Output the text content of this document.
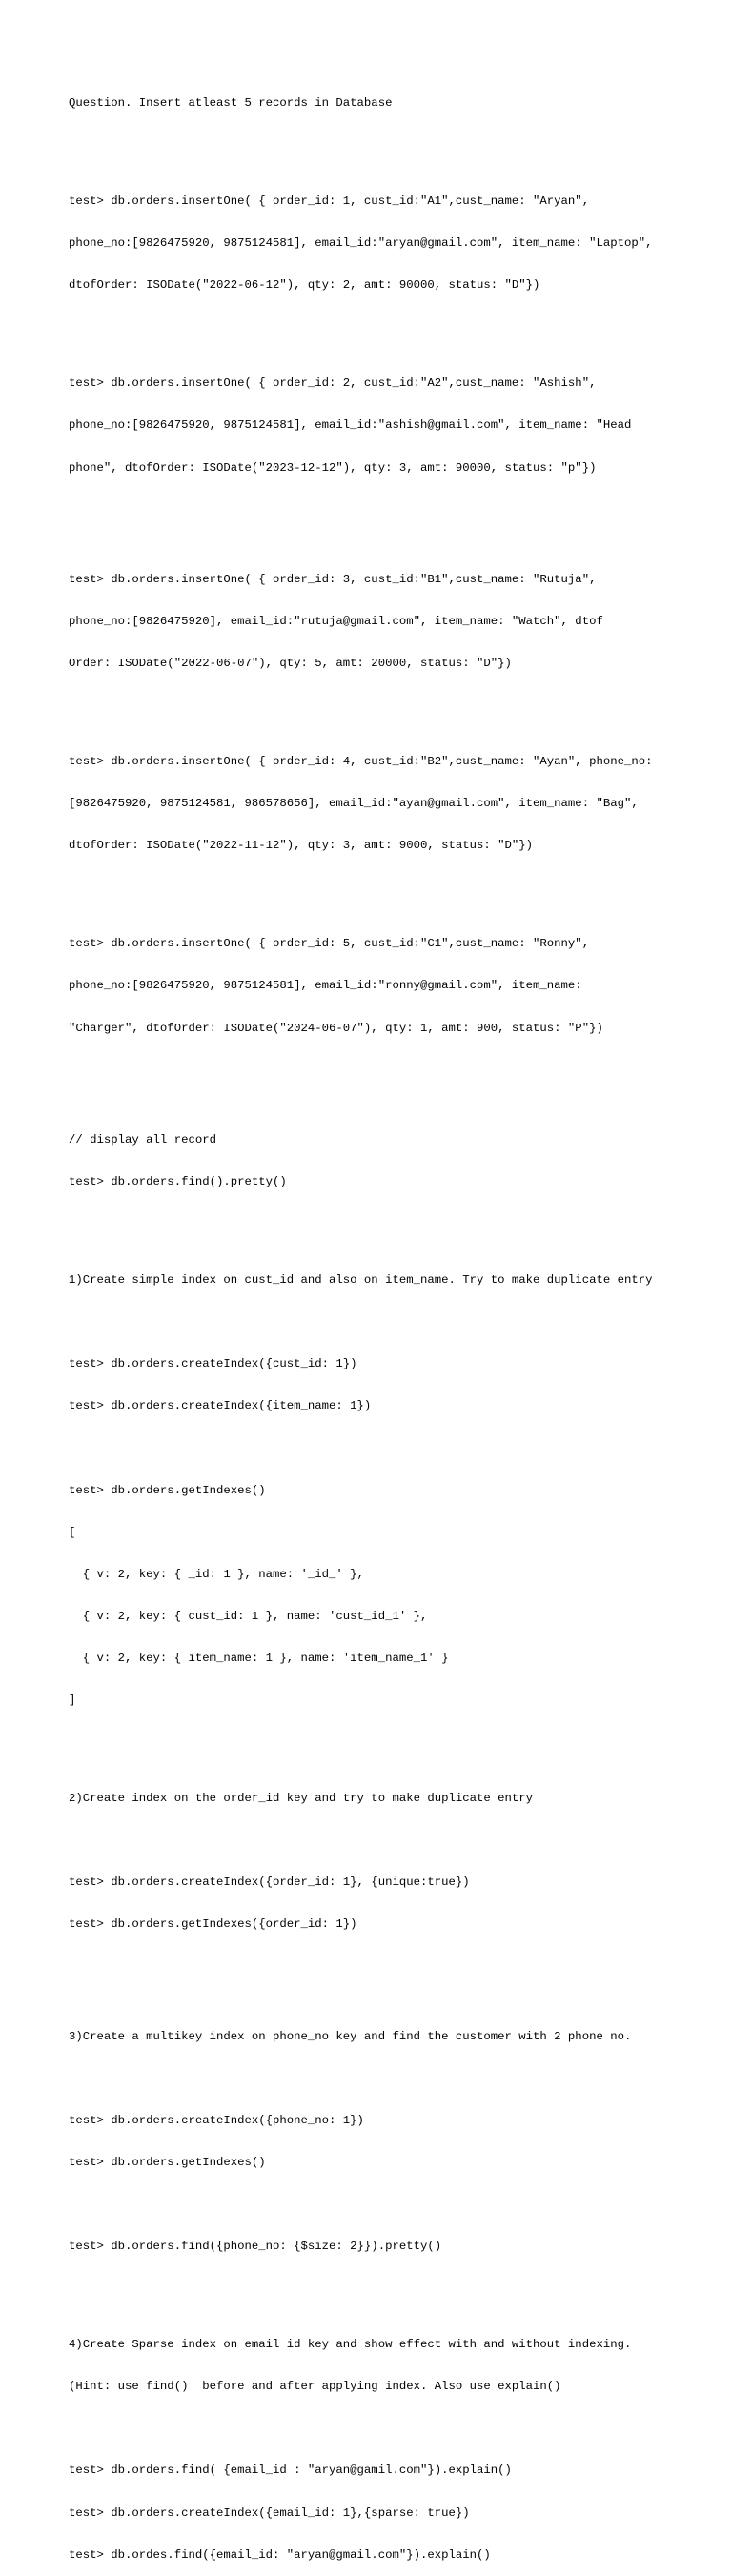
Question. Insert atleast 5 records in Database

test> db.orders.insertOne( { order_id: 1, cust_id:"A1",cust_name: "Aryan",

phone_no:[9826475920, 9875124581], email_id:"aryan@gmail.com", item_name: "Laptop",

dtofOrder: ISODate("2022-06-12"), qty: 2, amt: 90000, status: "D"})

test> db.orders.insertOne( { order_id: 2, cust_id:"A2",cust_name: "Ashish",

phone_no:[9826475920, 9875124581], email_id:"ashish@gmail.com", item_name: "Head

phone", dtofOrder: ISODate("2023-12-12"), qty: 3, amt: 90000, status: "p"})

test> db.orders.insertOne( { order_id: 3, cust_id:"B1",cust_name: "Rutuja",

phone_no:[9826475920], email_id:"rutuja@gmail.com", item_name: "Watch", dtof

Order: ISODate("2022-06-07"), qty: 5, amt: 20000, status: "D"})

test> db.orders.insertOne( { order_id: 4, cust_id:"B2",cust_name: "Ayan", phone_no:

[9826475920, 9875124581, 986578656], email_id:"ayan@gmail.com", item_name: "Bag",

dtofOrder: ISODate("2022-11-12"), qty: 3, amt: 9000, status: "D"})

test> db.orders.insertOne( { order_id: 5, cust_id:"C1",cust_name: "Ronny",

phone_no:[9826475920, 9875124581], email_id:"ronny@gmail.com", item_name:

"Charger", dtofOrder: ISODate("2024-06-07"), qty: 1, amt: 900, status: "P"})

// display all record

test> db.orders.find().pretty()

1)Create simple index on cust_id and also on item_name. Try to make duplicate entry

test> db.orders.createIndex({cust_id: 1})

test> db.orders.createIndex({item_name: 1})

test> db.orders.getIndexes()

[

{ v: 2, key: { _id: 1 }, name: '_id_' },

{ v: 2, key: { cust_id: 1 }, name: 'cust_id_1' },

{ v: 2, key: { item_name: 1 }, name: 'item_name_1' }

]

2)Create index on the order_id key and try to make duplicate entry

test> db.orders.createIndex({order_id: 1}, {unique:true})

test> db.orders.getIndexes({order_id: 1})

3)Create a multikey index on phone_no key and find the customer with 2 phone no.

test> db.orders.createIndex({phone_no: 1})

test> db.orders.getIndexes()

test> db.orders.find({phone_no: {$size: 2}}).pretty()

4)Create Sparse index on email id key and show effect with and without indexing.

(Hint: use find()  before and after applying index. Also use explain()

test> db.orders.find( {email_id : "aryan@gamil.com"}).explain()

test> db.orders.createIndex({email_id: 1},{sparse: true})

test> db.ordes.find({email_id: "aryan@gmail.com"}).explain()
